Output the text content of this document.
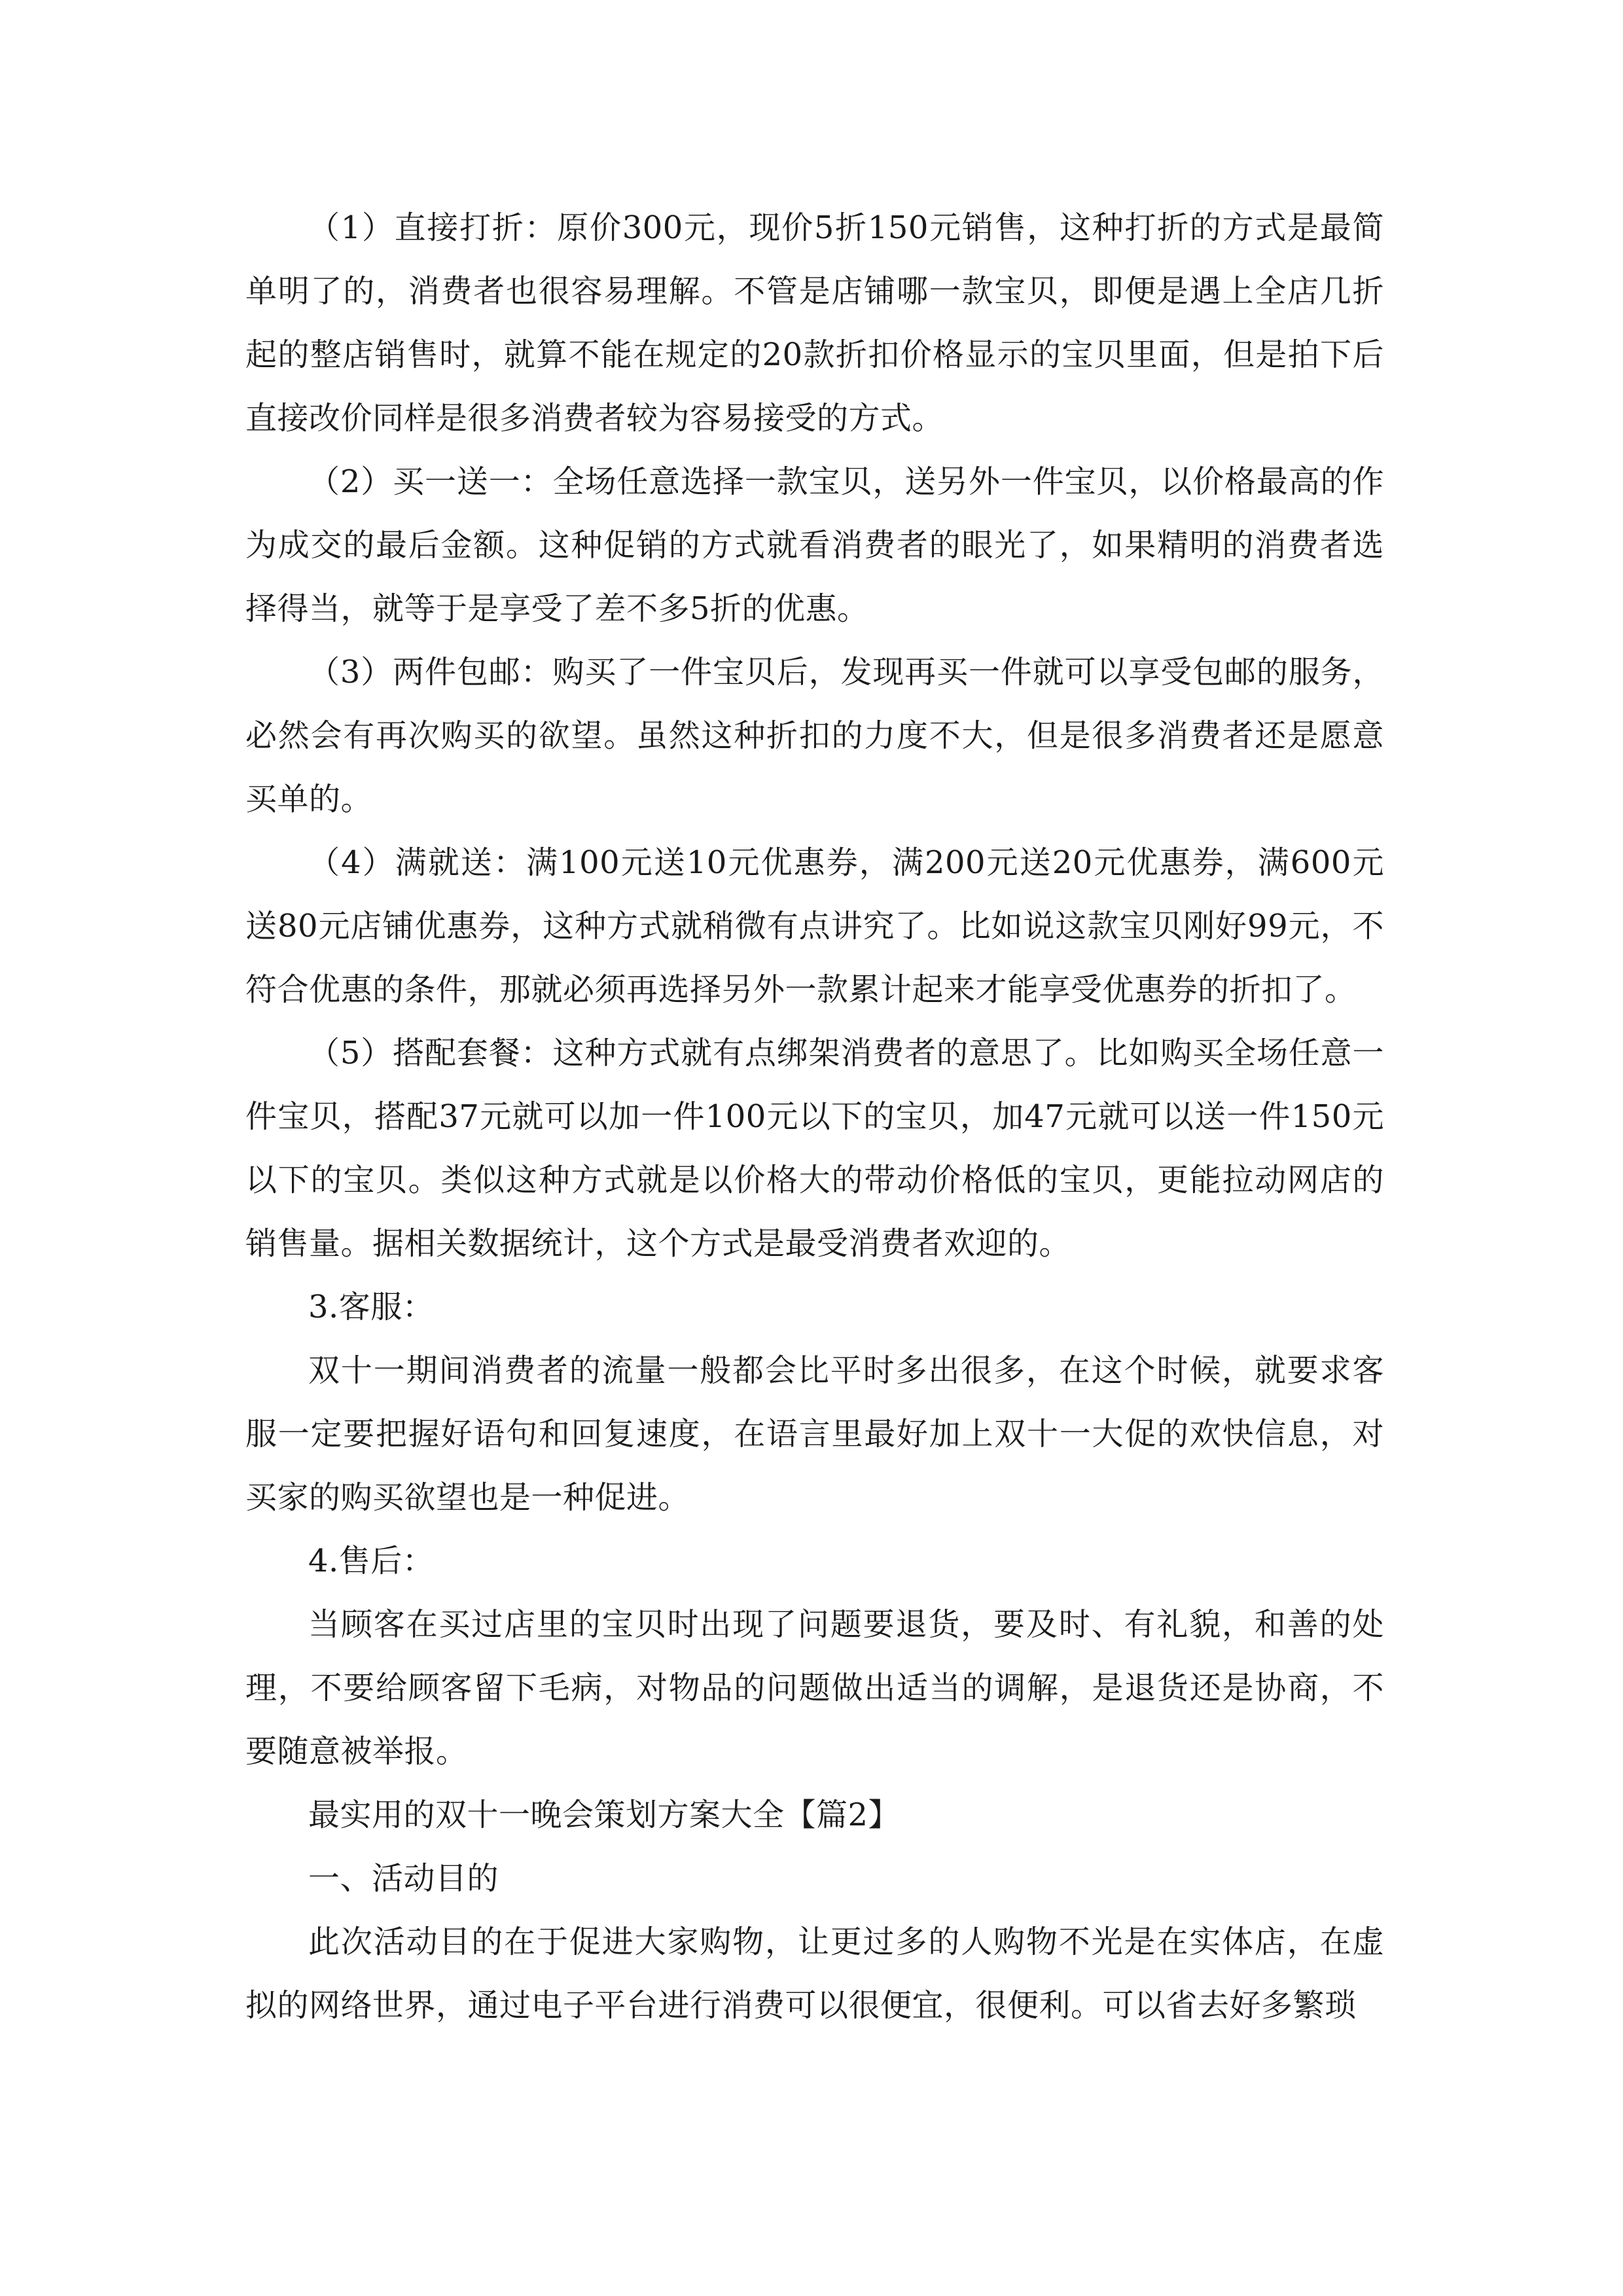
（1）直接打折：原价300元，现价5折150元销售，这种打折的方式是最简单明了的，消费者也很容易理解。不管是店铺哪一款宝贝，即便是遇上全店几折起的整店销售时，就算不能在规定的20款折扣价格显示的宝贝里面，但是拍下后直接改价同样是很多消费者较为容易接受的方式。

（2）买一送一：全场任意选择一款宝贝，送另外一件宝贝，以价格最高的作为成交的最后金额。这种促销的方式就看消费者的眼光了，如果精明的消费者选择得当，就等于是享受了差不多5折的优惠。

（3）两件包邮：购买了一件宝贝后，发现再买一件就可以享受包邮的服务，必然会有再次购买的欲望。虽然这种折扣的力度不大，但是很多消费者还是愿意买单的。

（4）满就送：满100元送10元优惠券，满200元送20元优惠券，满600元送80元店铺优惠券，这种方式就稍微有点讲究了。比如说这款宝贝刚好99元，不符合优惠的条件，那就必须再选择另外一款累计起来才能享受优惠券的折扣了。

（5）搭配套餐：这种方式就有点绑架消费者的意思了。比如购买全场任意一件宝贝，搭配37元就可以加一件100元以下的宝贝，加47元就可以送一件150元以下的宝贝。类似这种方式就是以价格大的带动价格低的宝贝，更能拉动网店的销售量。据相关数据统计，这个方式是最受消费者欢迎的。

3.客服：

双十一期间消费者的流量一般都会比平时多出很多，在这个时候，就要求客服一定要把握好语句和回复速度，在语言里最好加上双十一大促的欢快信息，对买家的购买欲望也是一种促进。

4.售后：

当顾客在买过店里的宝贝时出现了问题要退货，要及时、有礼貌，和善的处理，不要给顾客留下毛病，对物品的问题做出适当的调解，是退货还是协商，不要随意被举报。

最实用的双十一晚会策划方案大全【篇2】

一、活动目的

此次活动目的在于促进大家购物，让更过多的人购物不光是在实体店，在虚拟的网络世界，通过电子平台进行消费可以很便宜，很便利。可以省去好多繁琐
